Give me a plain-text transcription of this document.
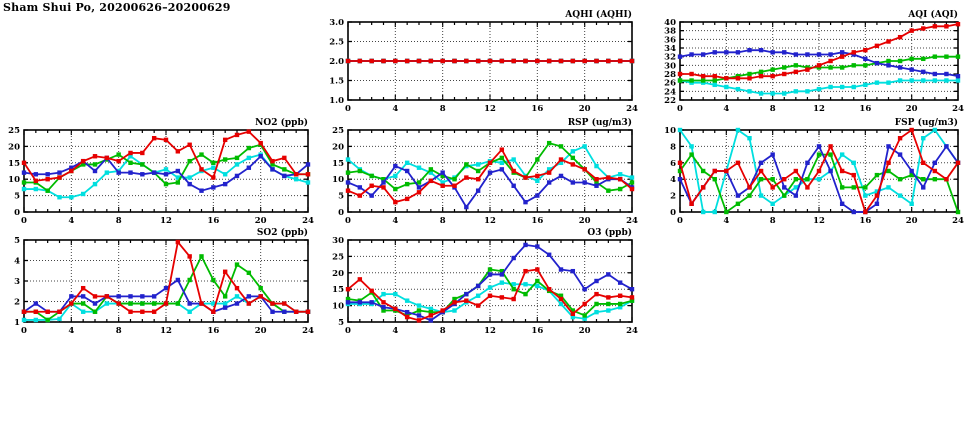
Sham Shui Po, 20200626–20200629
AQHI (AQHI)
1.0
1.5
2.0
2.5
3.0
0	4	8	12	16	20	24
AQI (AQI)
22
24
26
28
30
32
34
36
38
40
0	4	8	12	16	20	24
NO2 (ppb)
0
5
10
15
20
25
0	4	8	12	16	20	24
RSP (ug/m3)
0
5
10
15
20
25
0	4	8	12	16	20	24
FSP (ug/m3)
0
2
4
6
8
10
0	4	8	12	16	20	24
SO2 (ppb)
1
2
3
4
5
0	4	8	12	16	20	24
O3 (ppb)
5
10
15
20
25
30
0	4	8	12	16	20	24
